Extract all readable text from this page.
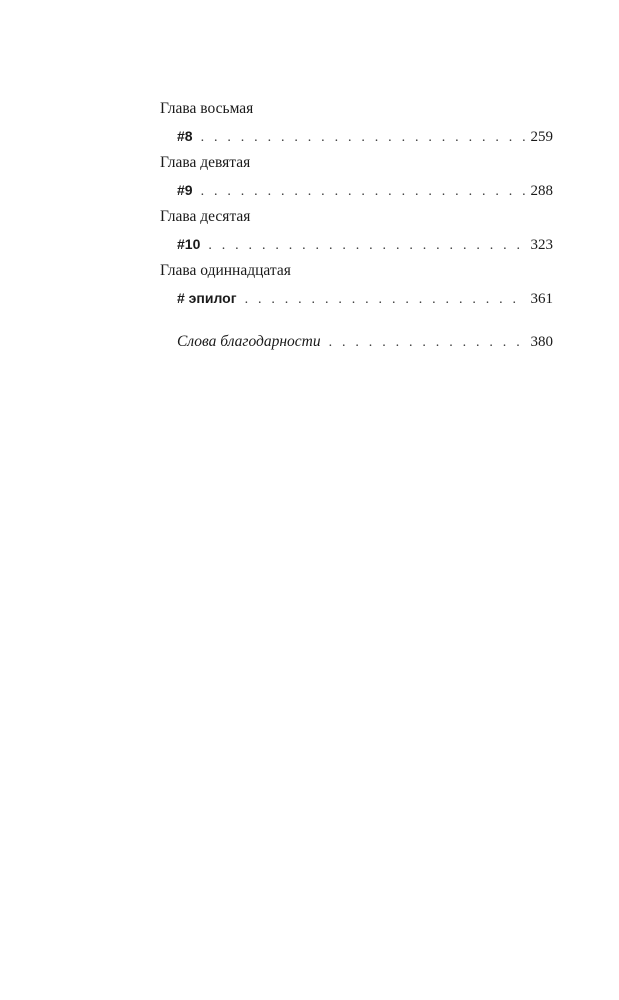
Глава восьмая
#8 . . .	259
Глава девятая
#9 . . .	288
Глава десятая
#10 . . .	323
Глава одиннадцатая
# эпилог . . .	361
Слова благодарности . . .	380
